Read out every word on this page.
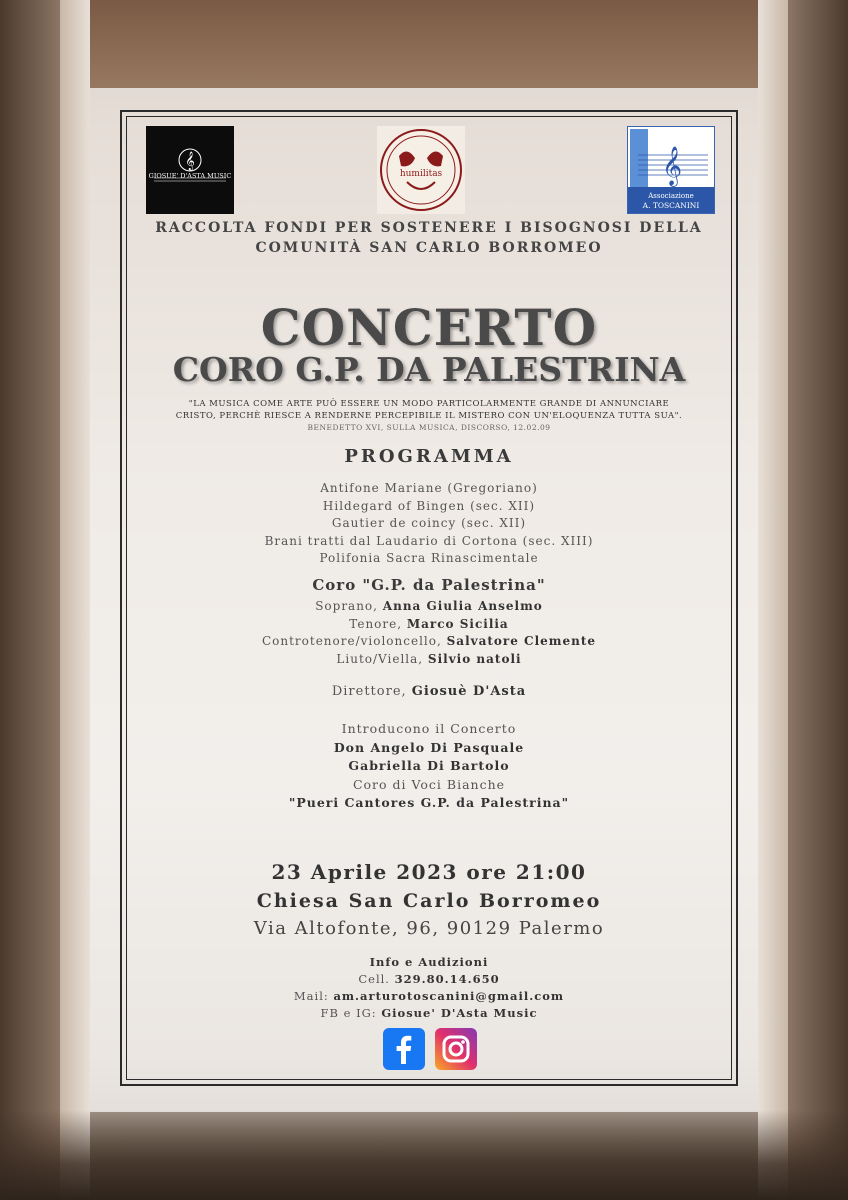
𝄞
GIOSUE' D'ASTA MUSIC	humilitas	𝄞
Associazione
A. TOSCANINI
RACCOLTA FONDI PER SOSTENERE I BISOGNOSI DELLA
COMUNITÀ SAN CARLO BORROMEO
CONCERTO
CORO G.P. DA PALESTRINA
"LA MUSICA COME ARTE PUÒ ESSERE UN MODO PARTICOLARMENTE GRANDE DI ANNUNCIARE
CRISTO, PERCHÈ RIESCE A RENDERNE PERCEPIBILE IL MISTERO CON UN'ELOQUENZA TUTTA SUA".
BENEDETTO XVI, SULLA MUSICA, DISCORSO, 12.02.09
PROGRAMMA
Antifone Mariane (Gregoriano)
Hildegard of Bingen (sec. XII)
Gautier de coincy (sec. XII)
Brani tratti dal Laudario di Cortona (sec. XIII)
Polifonia Sacra Rinascimentale
Coro "G.P. da Palestrina"
Soprano, Anna Giulia Anselmo
Tenore, Marco Sicilia
Controtenore/violoncello, Salvatore Clemente
Liuto/Viella, Silvio natoli
Direttore, Giosuè D'Asta
Introducono il Concerto
Don Angelo Di Pasquale
Gabriella Di Bartolo
Coro di Voci Bianche
"Pueri Cantores G.P. da Palestrina"
23 Aprile 2023 ore 21:00
Chiesa San Carlo Borromeo
Via Altofonte, 96, 90129 Palermo
Info e Audizioni
Cell. 329.80.14.650
Mail: am.arturotoscanini@gmail.com
FB e IG: Giosue' D'Asta Music
